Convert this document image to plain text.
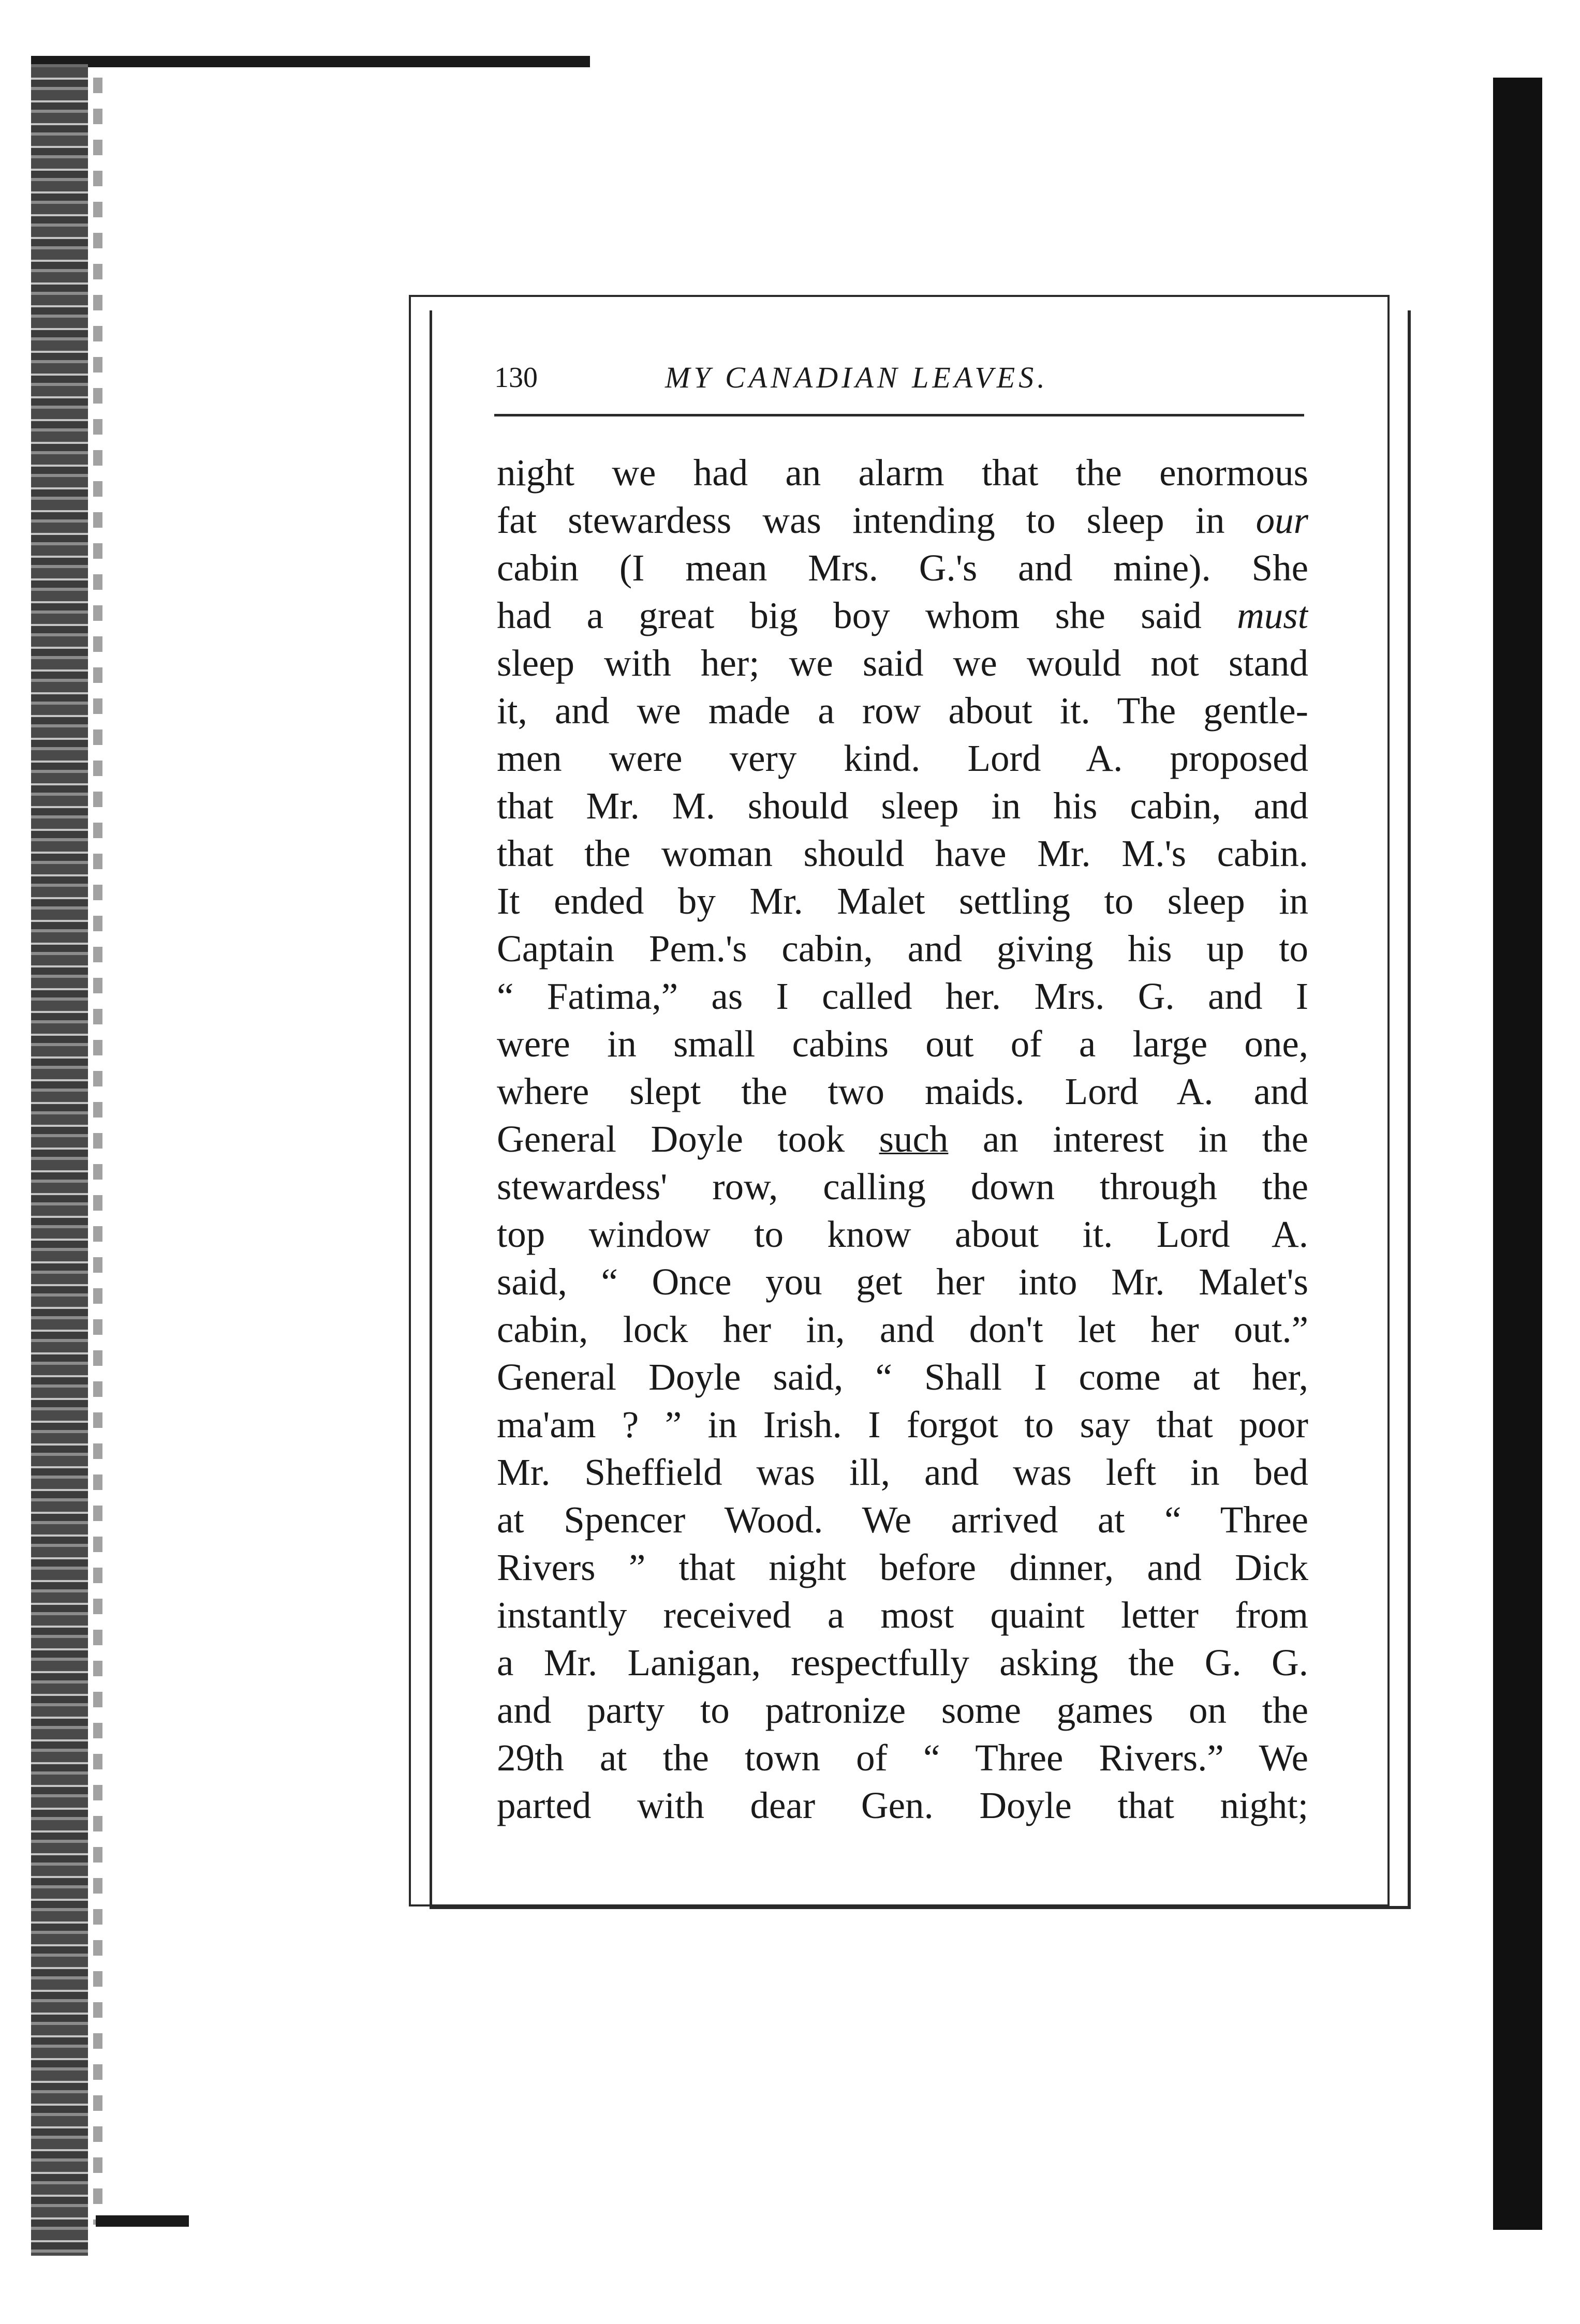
130	MY CANADIAN LEAVES.
night we had an alarm that the enormous
fat stewardess was intending to sleep in our
cabin (I mean Mrs. G.'s and mine). She
had a great big boy whom she said must
sleep with her; we said we would not stand
it, and we made a row about it. The gentle-
men were very kind. Lord A. proposed
that Mr. M. should sleep in his cabin, and
that the woman should have Mr. M.'s cabin.
It ended by Mr. Malet settling to sleep in
Captain Pem.'s cabin, and giving his up to
“ Fatima,” as I called her. Mrs. G. and I
were in small cabins out of a large one,
where slept the two maids. Lord A. and
General Doyle took such an interest in the
stewardess' row, calling down through the
top window to know about it. Lord A.
said, “ Once you get her into Mr. Malet's
cabin, lock her in, and don't let her out.”
General Doyle said, “ Shall I come at her,
ma'am ? ” in Irish. I forgot to say that poor
Mr. Sheffield was ill, and was left in bed
at Spencer Wood. We arrived at “ Three
Rivers ” that night before dinner, and Dick
instantly received a most quaint letter from
a Mr. Lanigan, respectfully asking the G. G.
and party to patronize some games on the
29th at the town of “ Three Rivers.” We
parted with dear Gen. Doyle that night;
